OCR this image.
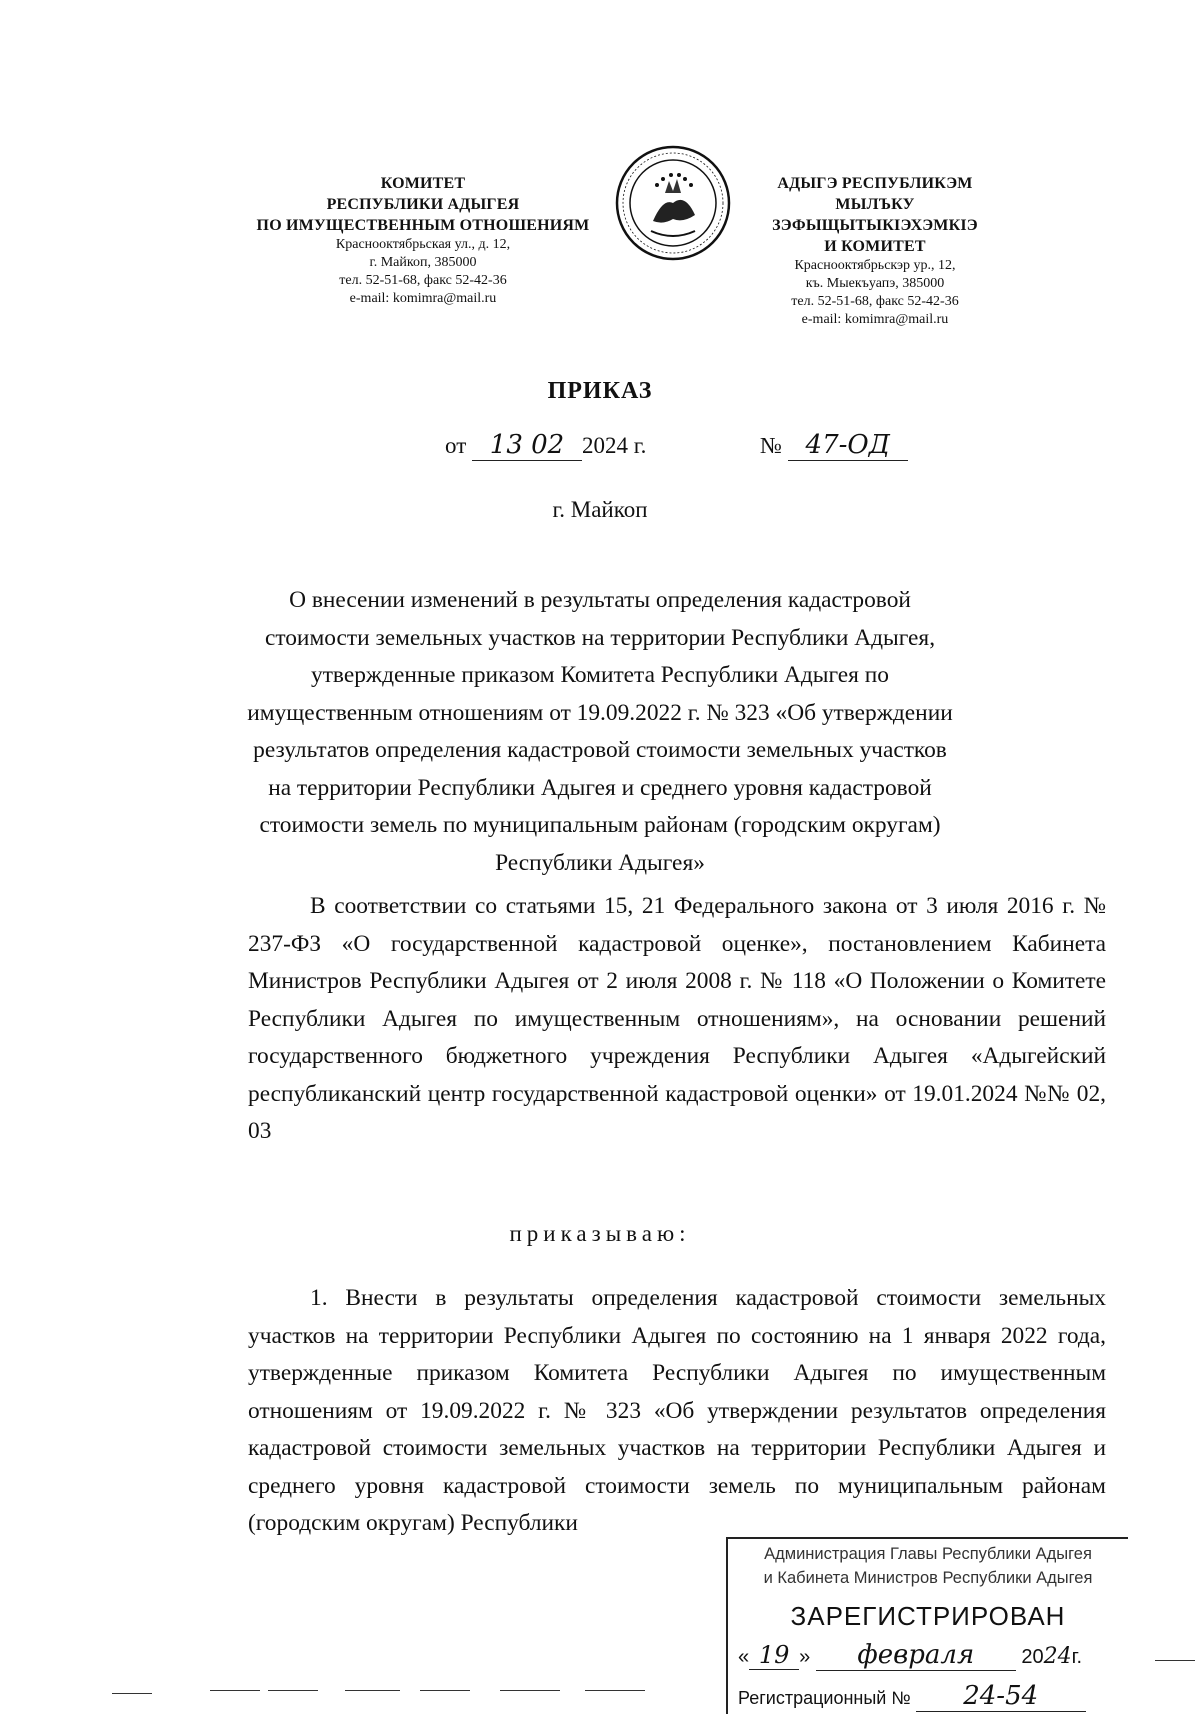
КОМИТЕТ
РЕСПУБЛИКИ АДЫГЕЯ
ПО ИМУЩЕСТВЕННЫМ ОТНОШЕНИЯМ
Краснооктябрьская ул., д. 12,
г. Майкоп, 385000
тел. 52-51-68, факс 52-42-36
e-mail: komimra@mail.ru
АДЫГЭ РЕСПУБЛИКЭМ
МЫЛЪКУ ЗЭФЫЩЫТЫКIЭХЭМКIЭ
И КОМИТЕТ
Краснооктябрьскэр ур., 12,
къ. Мыекъуапэ, 385000
тел. 52-51-68, факс 52-42-36
e-mail: komimra@mail.ru
ПРИКАЗ
от 13 02 2024 г.	№ 47-ОД
г. Майкоп
О внесении изменений в результаты определения кадастровой стоимости земельных участков на территории Республики Адыгея, утвержденные приказом Комитета Республики Адыгея по имущественным отношениям от 19.09.2022 г. № 323 «Об утверждении результатов определения кадастровой стоимости земельных участков на территории Республики Адыгея и среднего уровня кадастровой стоимости земель по муниципальным районам (городским округам) Республики Адыгея»
В соответствии со статьями 15, 21 Федерального закона от 3 июля 2016 г. № 237-ФЗ «О государственной кадастровой оценке», постановлением Кабинета Министров Республики Адыгея от 2 июля 2008 г. № 118 «О Положении о Комитете Республики Адыгея по имущественным отношениям», на основании решений государственного бюджетного учреждения Республики Адыгея «Адыгейский республиканский центр государственной кадастровой оценки» от 19.01.2024 №№ 02, 03
приказываю:
1. Внести в результаты определения кадастровой стоимости земельных участков на территории Республики Адыгея по состоянию на 1 января 2022 года, утвержденные приказом Комитета Республики Адыгея по имущественным отношениям от 19.09.2022 г. № 323 «Об утверждении результатов определения кадастровой стоимости земельных участков на территории Республики Адыгея и среднего уровня кадастровой стоимости земель по муниципальным районам (городским округам) Республики
Администрация Главы Республики Адыгея
и Кабинета Министров Республики Адыгея
ЗАРЕГИСТРИРОВАН
« 19 » февраля 2024г.
Регистрационный № 24-54
